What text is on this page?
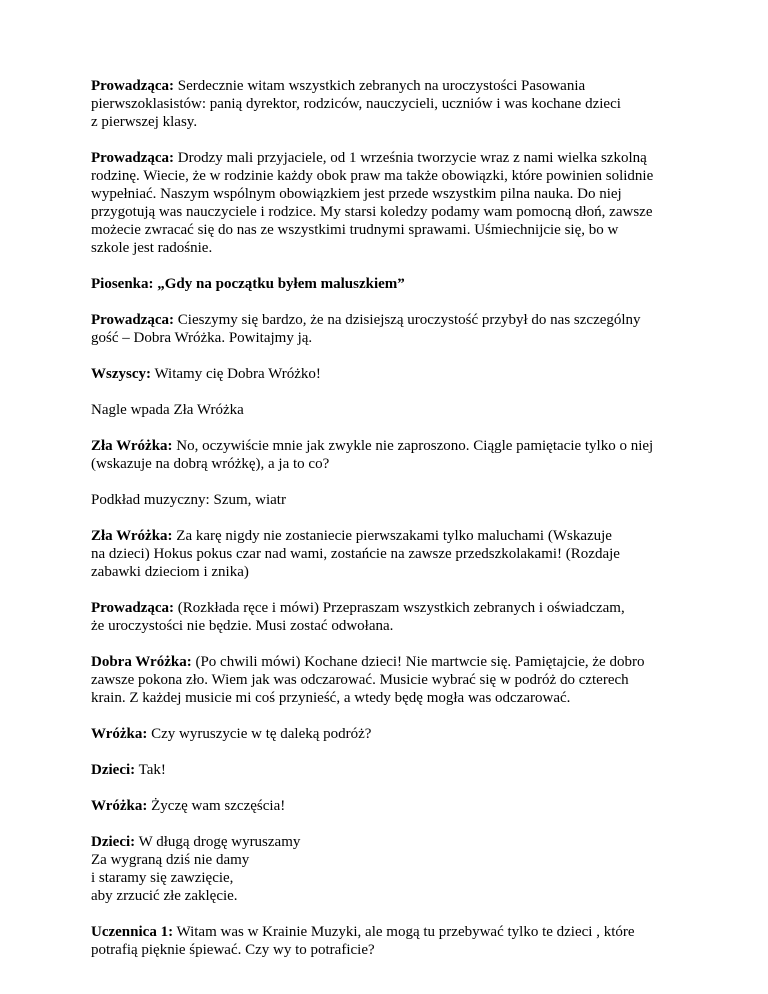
Prowadząca: Serdecznie witam wszystkich zebranych na uroczystości Pasowania
pierwszoklasistów: panią dyrektor, rodziców, nauczycieli, uczniów i was kochane dzieci
z pierwszej klasy.

Prowadząca: Drodzy mali przyjaciele, od 1 września tworzycie wraz z nami wielka szkolną
rodzinę. Wiecie, że w rodzinie każdy obok praw ma także obowiązki, które powinien solidnie
wypełniać. Naszym wspólnym obowiązkiem jest przede wszystkim pilna nauka. Do niej
przygotują was nauczyciele i rodzice. My starsi koledzy podamy wam pomocną dłoń, zawsze
możecie zwracać się do nas ze wszystkimi trudnymi sprawami. Uśmiechnijcie się, bo w
szkole jest radośnie.

Piosenka: „Gdy na początku byłem maluszkiem”

Prowadząca: Cieszymy się bardzo, że na dzisiejszą uroczystość przybył do nas szczególny
gość – Dobra Wróżka. Powitajmy ją.

Wszyscy: Witamy cię Dobra Wróżko!

Nagle wpada Zła Wróżka

Zła Wróżka: No, oczywiście mnie jak zwykle nie zaproszono. Ciągle pamiętacie tylko o niej
(wskazuje na dobrą wróżkę), a ja to co?

Podkład muzyczny: Szum, wiatr

Zła Wróżka: Za karę nigdy nie zostaniecie pierwszakami tylko maluchami (Wskazuje
na dzieci) Hokus pokus czar nad wami, zostańcie na zawsze przedszkolakami! (Rozdaje
zabawki dzieciom i znika)

Prowadząca: (Rozkłada ręce i mówi) Przepraszam wszystkich zebranych i oświadczam,
że uroczystości nie będzie. Musi zostać odwołana.

Dobra Wróżka: (Po chwili mówi) Kochane dzieci! Nie martwcie się. Pamiętajcie, że dobro
zawsze pokona zło. Wiem jak was odczarować. Musicie wybrać się w podróż do czterech
krain. Z każdej musicie mi coś przynieść, a wtedy będę mogła was odczarować.

Wróżka: Czy wyruszycie w tę daleką podróż?

Dzieci: Tak!

Wróżka: Życzę wam szczęścia!

Dzieci: W długą drogę wyruszamy
Za wygraną dziś nie damy
i staramy się zawzięcie,
aby zrzucić złe zaklęcie.

Uczennica 1: Witam was w Krainie Muzyki, ale mogą tu przebywać tylko te dzieci , które
potrafią pięknie śpiewać. Czy wy to potraficie?
